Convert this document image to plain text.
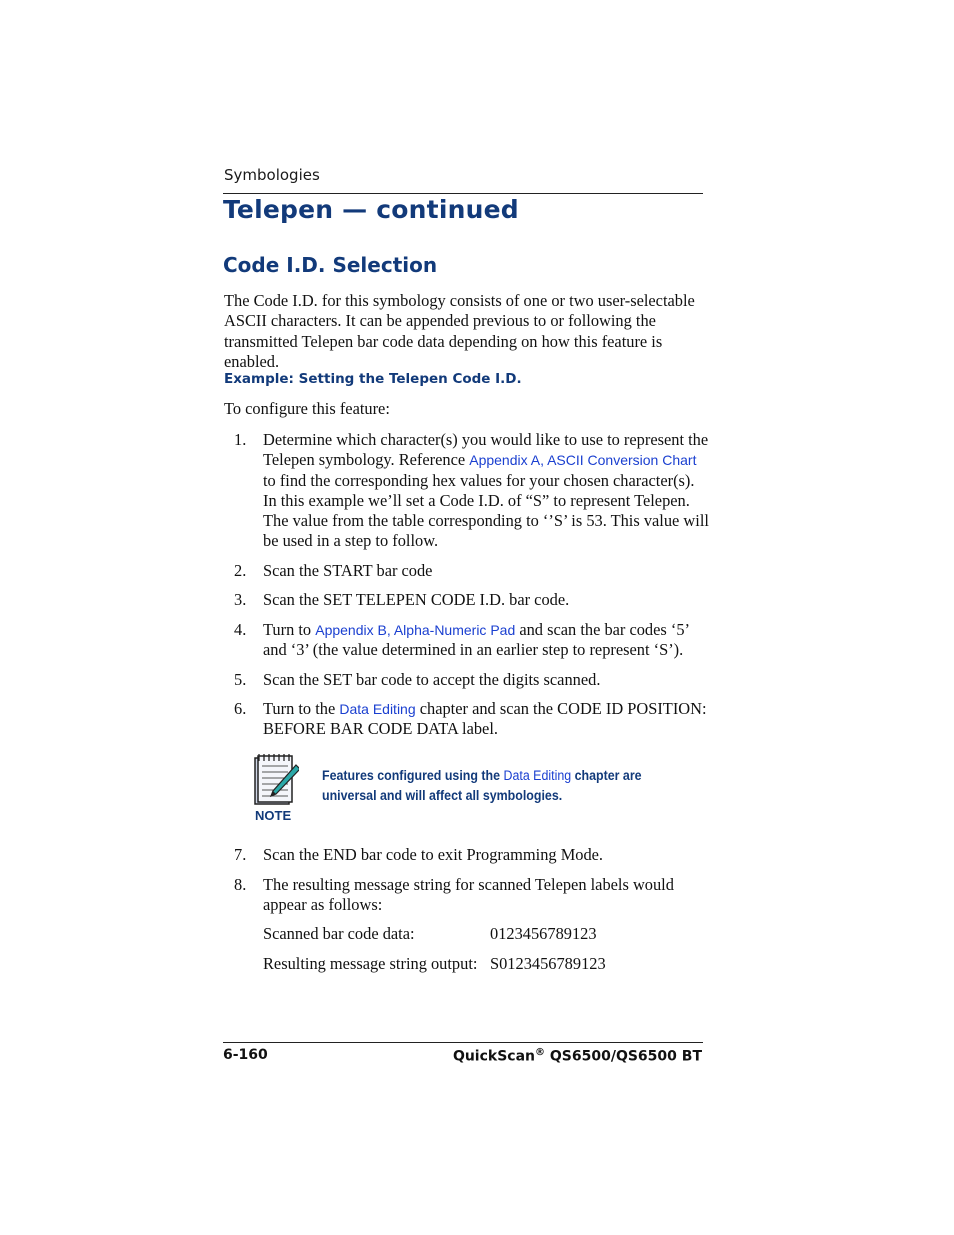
Symbologies
Telepen — continued
Code I.D. Selection
The Code I.D. for this symbology consists of one or two user-selectable ASCII characters. It can be appended previous to or following the transmitted Telepen bar code data depending on how this feature is enabled.
Example: Setting the Telepen Code I.D.
To configure this feature:
1. Determine which character(s) you would like to use to represent the Telepen symbology. Reference Appendix A, ASCII Conversion Chart to find the corresponding hex values for your chosen character(s). In this example we’ll set a Code I.D. of “S” to represent Telepen. The value from the table corresponding to ‘’S’ is 53. This value will be used in a step to follow.
2. Scan the START bar code
3. Scan the SET TELEPEN CODE I.D. bar code.
4. Turn to Appendix B, Alpha-Numeric Pad and scan the bar codes ‘5’ and ‘3’ (the value determined in an earlier step to represent ‘S’).
5. Scan the SET bar code to accept the digits scanned.
6. Turn to the Data Editing chapter and scan the CODE ID POSITION: BEFORE BAR CODE DATA label.
NOTE
Features configured using the Data Editing chapter are universal and will affect all symbologies.
7. Scan the END bar code to exit Programming Mode.
8. The resulting message string for scanned Telepen labels would appear as follows:
Scanned bar code data:	0123456789123
Resulting message string output: S0123456789123
6-160	QuickScan® QS6500/QS6500 BT
